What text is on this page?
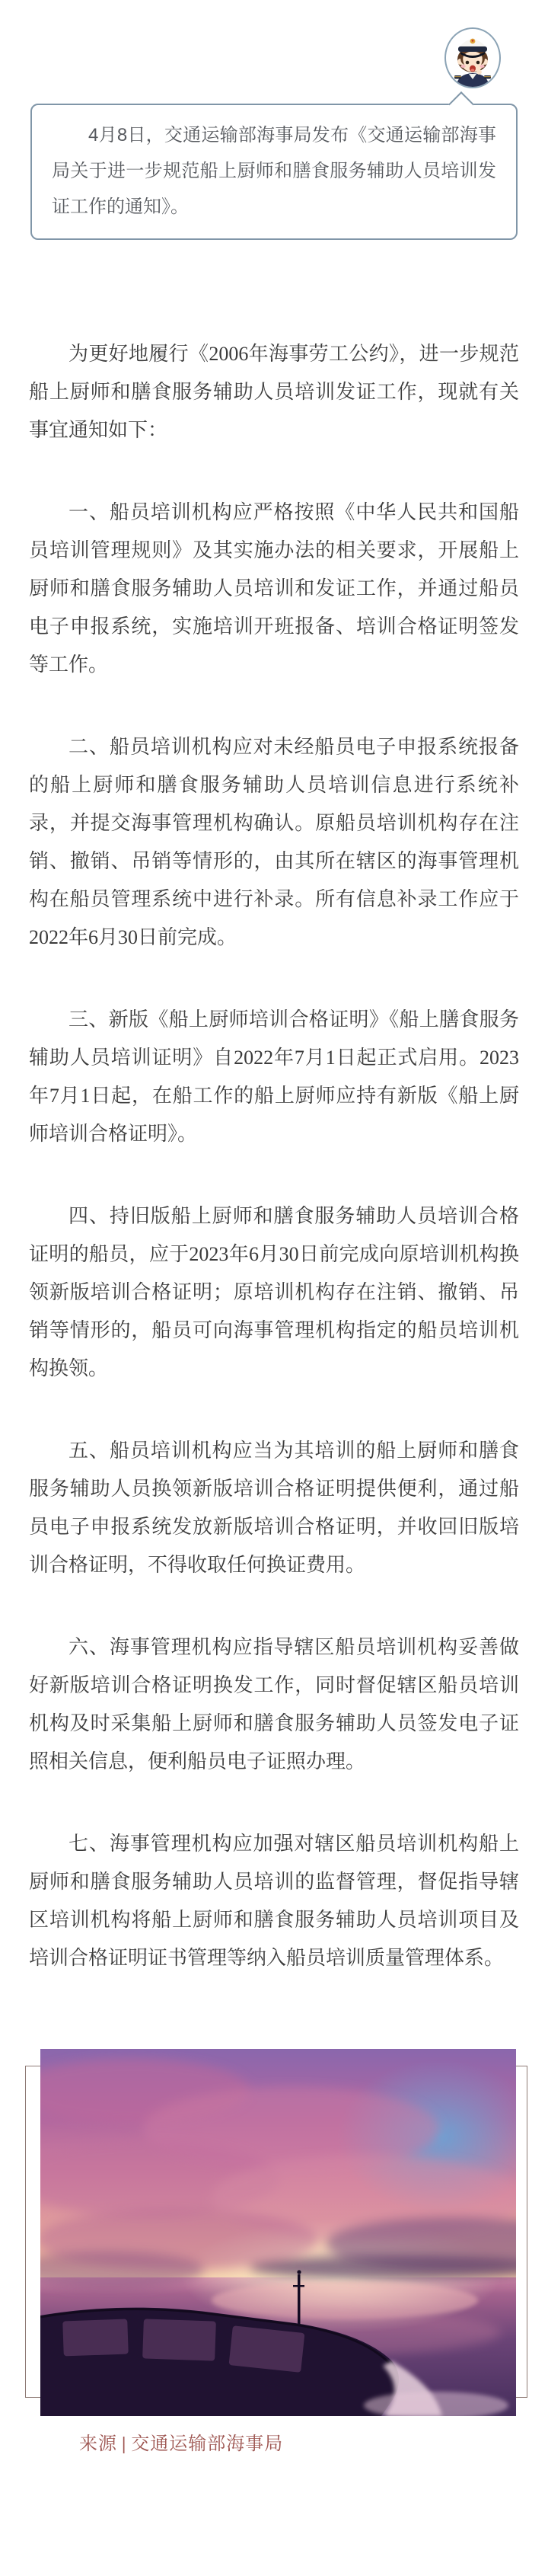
4月8日，交通运输部海事局发布《交通运输部海事局关于进一步规范船上厨师和膳食服务辅助人员培训发证工作的通知》。

为更好地履行《2006年海事劳工公约》，进一步规范船上厨师和膳食服务辅助人员培训发证工作，现就有关事宜通知如下：

一、船员培训机构应严格按照《中华人民共和国船员培训管理规则》及其实施办法的相关要求，开展船上厨师和膳食服务辅助人员培训和发证工作，并通过船员电子申报系统，实施培训开班报备、培训合格证明签发等工作。

二、船员培训机构应对未经船员电子申报系统报备的船上厨师和膳食服务辅助人员培训信息进行系统补录，并提交海事管理机构确认。原船员培训机构存在注销、撤销、吊销等情形的，由其所在辖区的海事管理机构在船员管理系统中进行补录。所有信息补录工作应于2022年6月30日前完成。

三、新版《船上厨师培训合格证明》《船上膳食服务辅助人员培训证明》自2022年7月1日起正式启用。2023年7月1日起，在船工作的船上厨师应持有新版《船上厨师培训合格证明》。

四、持旧版船上厨师和膳食服务辅助人员培训合格证明的船员，应于2023年6月30日前完成向原培训机构换领新版培训合格证明；原培训机构存在注销、撤销、吊销等情形的，船员可向海事管理机构指定的船员培训机构换领。

五、船员培训机构应当为其培训的船上厨师和膳食服务辅助人员换领新版培训合格证明提供便利，通过船员电子申报系统发放新版培训合格证明，并收回旧版培训合格证明，不得收取任何换证费用。

六、海事管理机构应指导辖区船员培训机构妥善做好新版培训合格证明换发工作，同时督促辖区船员培训机构及时采集船上厨师和膳食服务辅助人员签发电子证照相关信息，便利船员电子证照办理。

七、海事管理机构应加强对辖区船员培训机构船上厨师和膳食服务辅助人员培训的监督管理，督促指导辖区培训机构将船上厨师和膳食服务辅助人员培训项目及培训合格证明证书管理等纳入船员培训质量管理体系。

来源 | 交通运输部海事局
